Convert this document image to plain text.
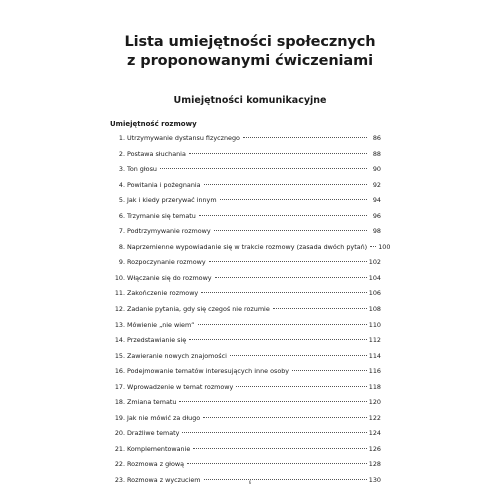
Lista umiejętności społecznych
z proponowanymi ćwiczeniami
Umiejętności komunikacyjne
Umiejętność rozmowy
1. Utrzymywanie dystansu fizycznego	86
2. Postawa słuchania	88
3. Ton głosu	90
4. Powitania i pożegnania	92
5. Jak i kiedy przerywać innym	94
6. Trzymanie się tematu	96
7. Podtrzymywanie rozmowy	98
8. Naprzemienne wypowiadanie się w trakcie rozmowy (zasada dwóch pytań) 100
9. Rozpoczynanie rozmowy	102
10. Włączanie się do rozmowy	104
11. Zakończenie rozmowy	106
12. Zadanie pytania, gdy się czegoś nie rozumie	108
13. Mówienie „nie wiem”	110
14. Przedstawianie się	112
15. Zawieranie nowych znajomości	114
16. Podejmowanie tematów interesujących inne osoby	116
17. Wprowadzenie w temat rozmowy	118
18. Zmiana tematu	120
19. Jak nie mówić za długo	122
20. Drażliwe tematy	124
21. Komplementowanie	126
22. Rozmowa z głową	128
23. Rozmowa z wyczuciem	130
6
